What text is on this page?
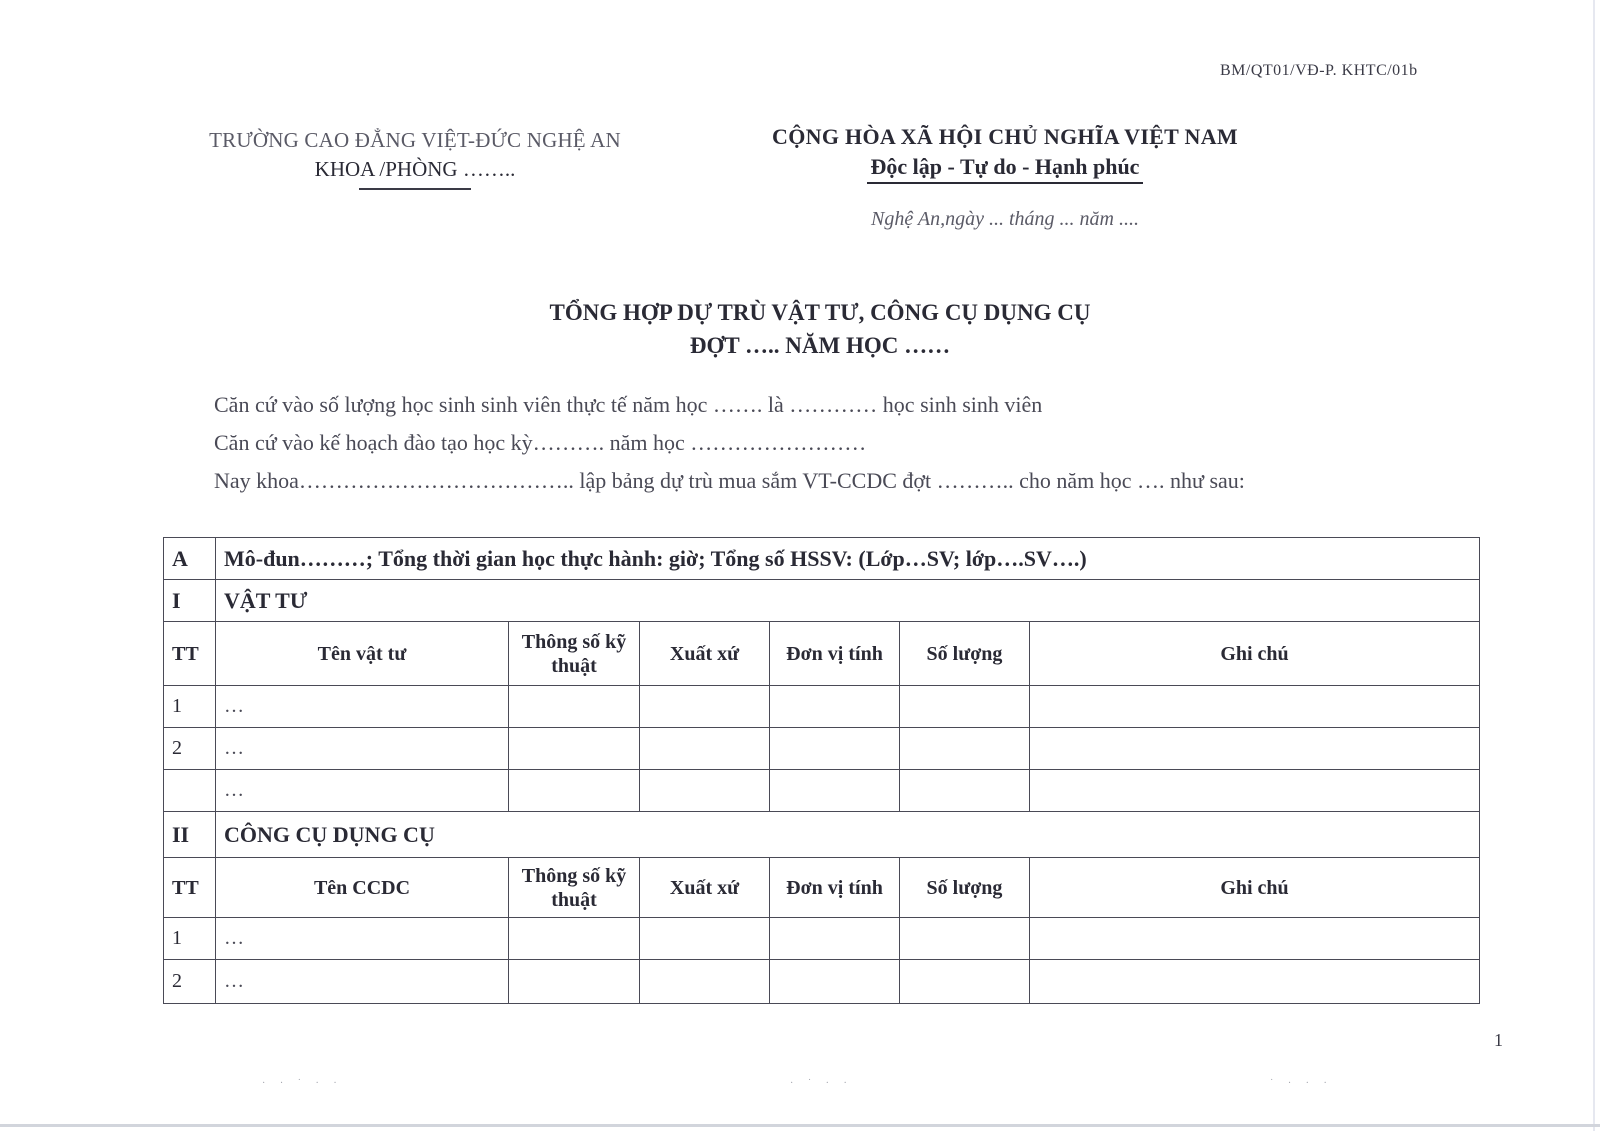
BM/QT01/VĐ-P. KHTC/01b
TRƯỜNG CAO ĐẲNG VIỆT-ĐỨC NGHỆ AN
KHOA /PHÒNG ……..
CỘNG HÒA XÃ HỘI CHỦ NGHĨA VIỆT NAM
Độc lập - Tự do - Hạnh phúc
Nghệ An,ngày ... tháng ... năm ....
TỔNG HỢP DỰ TRÙ VẬT TƯ, CÔNG CỤ DỤNG CỤ
ĐỢT ….. NĂM HỌC ……
Căn cứ vào số lượng học sinh sinh viên thực tế năm học ……. là ………… học sinh sinh viên
Căn cứ vào kế hoạch đào tạo học kỳ………. năm học ……………………
Nay khoa……………………………….. lập bảng dự trù mua sắm VT-CCDC đợt ……….. cho năm học …. như sau:
A	Mô-đun………; Tổng thời gian học thực hành: giờ; Tổng số HSSV: (Lớp…SV; lớp….SV….)					
I	VẬT TƯ					
TT	Tên vật tư	Thông số kỹ thuật	Xuất xứ	Đơn vị tính	Số lượng	Ghi chú
1	…					
2	…					
	…					
II	CÔNG CỤ DỤNG CỤ					
TT	Tên CCDC	Thông số kỹ thuật	Xuất xứ	Đơn vị tính	Số lượng	Ghi chú
1	…					
2	…					
1
· · ˙ · ·	· ˙ · ·	˙ · · ·
